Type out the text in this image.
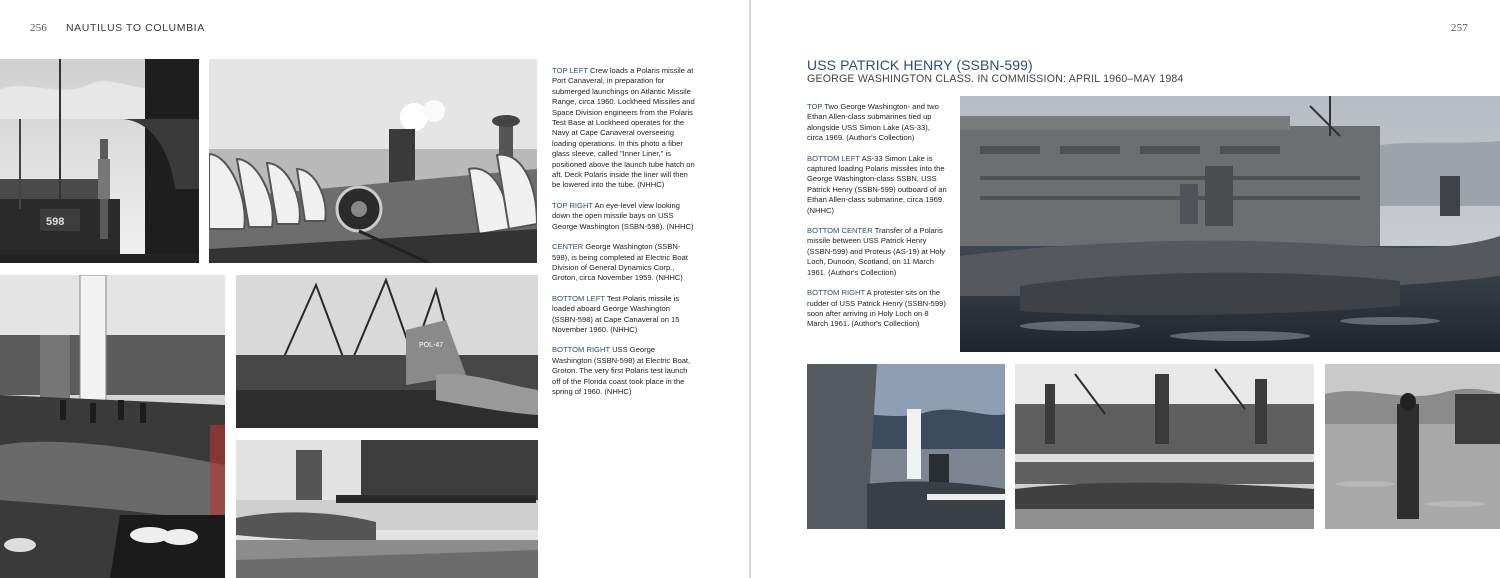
256 NAUTILUS TO COLUMBIA
598
POL-47

TOP LEFT Crew loads a Polaris missile at Port Canaveral, in preparation for submerged launchings on Atlantic Missile Range, circa 1960. Lockheed Missiles and Space Division engineers from the Polaris Test Base at Lockheed operates for the Navy at Cape Canaveral overseeing loading operations. In this photo a fiber glass sleeve, called "Inner Liner," is positioned above the launch tube hatch on aft. Deck Polaris inside the liner will then be lowered into the tube. (NHHC)

TOP RIGHT An eye-level view looking down the open missile bays on USS George Washington (SSBN-598). (NHHC)

CENTER George Washington (SSBN-598), is being completed at Electric Boat Division of General Dynamics Corp., Groton, circa November 1959. (NHHC)

BOTTOM LEFT Test Polaris missile is loaded aboard George Washington (SSBN-598) at Cape Canaveral on 15 November 1960. (NHHC)

BOTTOM RIGHT USS George Washington (SSBN-598) at Electric Boat, Groton. The very first Polaris test launch off of the Florida coast took place in the spring of 1960. (NHHC)

257
USS PATRICK HENRY (SSBN-599)
GEORGE WASHINGTON CLASS. IN COMMISSION: APRIL 1960–MAY 1984

TOP Two George Washington- and two Ethan Allen-class submarines tied up alongside USS Simon Lake (AS-33), circa 1969. (Author's Collection)

BOTTOM LEFT AS-33 Simon Lake is captured loading Polaris missiles into the George Washington-class SSBN, USS Patrick Henry (SSBN-599) outboard of an Ethan Allen-class submarine, circa 1969. (NHHC)

BOTTOM CENTER Transfer of a Polaris missile between USS Patrick Henry (SSBN-599) and Proteus (AS-19) at Holy Loch, Dunoon, Scotland, on 11 March 1961. (Author's Collection)

BOTTOM RIGHT A protester sits on the rudder of USS Patrick Henry (SSBN-599) soon after arriving in Holy Loch on 8 March 1961. (Author's Collection)
